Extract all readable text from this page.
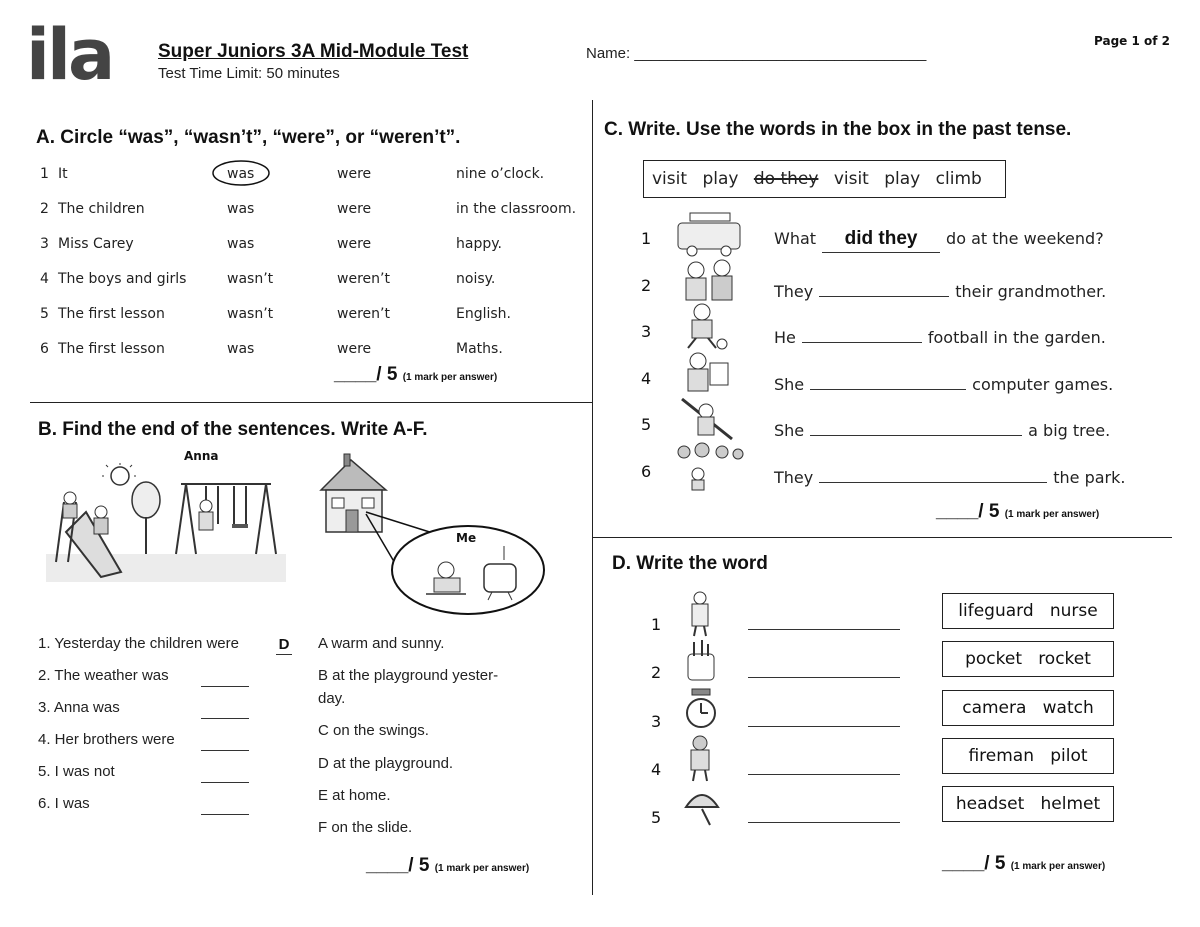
ila Super Juniors 3A Mid-Module Test
Test Time Limit: 50 minutes
Name: ___________________________________
Page 1 of 2
A. Circle “was”, “wasn’t”, “were”, or “weren’t”.
1 It	was	were	nine o’clock.
2 The children	was	were	in the classroom.
3 Miss Carey	was	were	happy.
4 The boys and girls	wasn’t	weren’t	noisy.
5 The first lesson	wasn’t	weren’t	English.
6 The first lesson	was	were	Maths.
____/ 5 (1 mark per answer)
B. Find the end of the sentences. Write A-F.
Anna
Me
1. Yesterday the children were	D
2. The weather was
3. Anna was
4. Her brothers were
5. I was not
6. I was
A warm and sunny.
B at the playground yester-
day.
C on the swings.
D at the playground.
E at home.
F on the slide.
____/ 5 (1 mark per answer)
C. Write. Use the words in the box in the past tense.
visit play do they visit play climb
1	What did they do at the weekend?
2	They	their grandmother.
3	He	football in the garden.
4	She	computer games.
5	She	a big tree.
6	They	the park.
____/ 5 (1 mark per answer)
D. Write the word
1
lifeguard   nurse
2
pocket   rocket
3
camera   watch
4
fireman   pilot
5
headset   helmet
____/ 5 (1 mark per answer)
